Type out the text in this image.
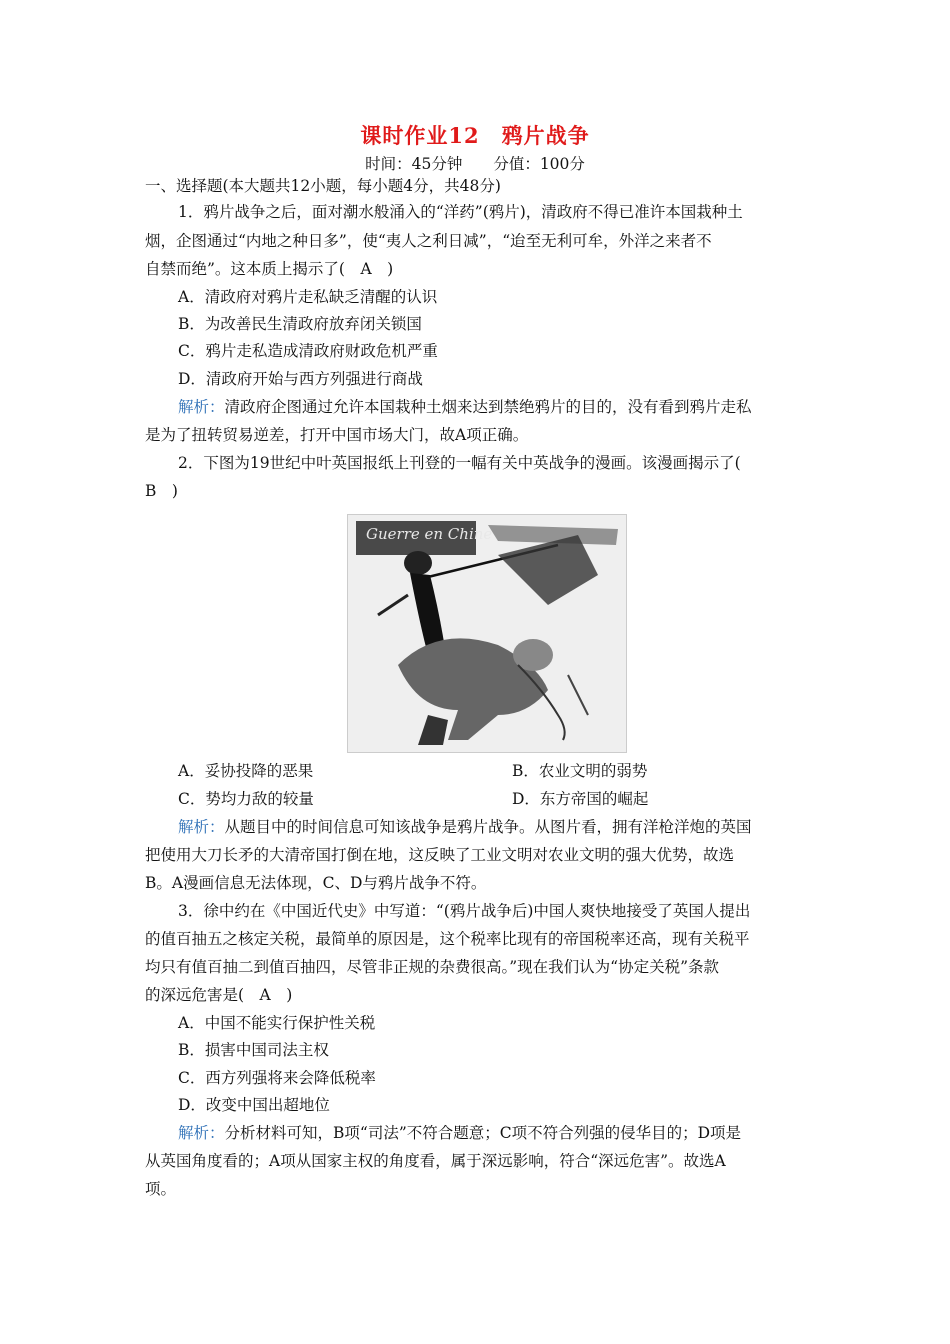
课时作业12　鸦片战争
时间：45分钟　　分值：100分
一、选择题(本大题共12小题，每小题4分，共48分)
1．鸦片战争之后，面对潮水般涌入的“洋药”(鸦片)，清政府不得已准许本国栽种土
烟，企图通过“内地之种日多”，使“夷人之利日减”，“迨至无利可牟，外洋之来者不
自禁而绝”。这本质上揭示了(　A　)
A．清政府对鸦片走私缺乏清醒的认识
B．为改善民生清政府放弃闭关锁国
C．鸦片走私造成清政府财政危机严重
D．清政府开始与西方列强进行商战
解析：清政府企图通过允许本国栽种土烟来达到禁绝鸦片的目的，没有看到鸦片走私
是为了扭转贸易逆差，打开中国市场大门，故A项正确。
2．下图为19世纪中叶英国报纸上刊登的一幅有关中英战争的漫画。该漫画揭示了(
B　)
Guerre en Chine
A．妥协投降的恶果	B．农业文明的弱势
C．势均力敌的较量	D．东方帝国的崛起
解析：从题目中的时间信息可知该战争是鸦片战争。从图片看，拥有洋枪洋炮的英国
把使用大刀长矛的大清帝国打倒在地，这反映了工业文明对农业文明的强大优势，故选
B。A漫画信息无法体现，C、D与鸦片战争不符。
3．徐中约在《中国近代史》中写道：“(鸦片战争后)中国人爽快地接受了英国人提出
的值百抽五之核定关税，最简单的原因是，这个税率比现有的帝国税率还高，现有关税平
均只有值百抽二到值百抽四，尽管非正规的杂费很高。”现在我们认为“协定关税”条款
的深远危害是(　A　)
A．中国不能实行保护性关税
B．损害中国司法主权
C．西方列强将来会降低税率
D．改变中国出超地位
解析：分析材料可知，B项“司法”不符合题意；C项不符合列强的侵华目的；D项是
从英国角度看的；A项从国家主权的角度看，属于深远影响，符合“深远危害”。故选A
项。
